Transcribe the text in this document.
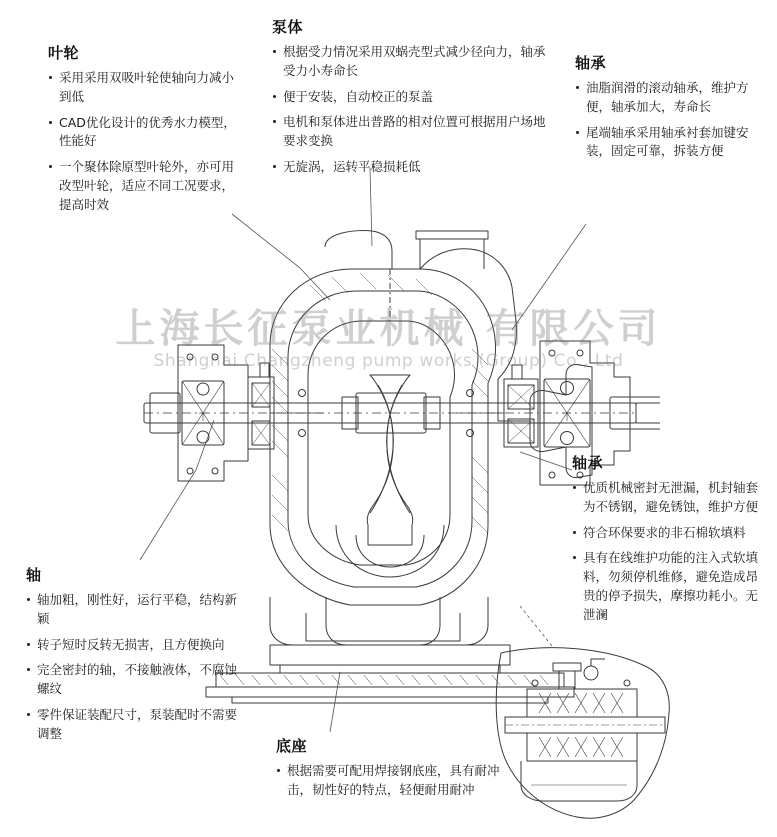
上海长征泵业机械 有限公司
Shanghai Changzheng pump works (Group) Co., Ltd
叶轮
采用采用双吸叶轮使轴向力减小到低
CAD优化设计的优秀水力模型，性能好
一个聚体除原型叶轮外，亦可用改型叶轮，适应不同工况要求，提高时效
泵体
根据受力情况采用双蜗壳型式减少径向力，轴承受力小寿命长
便于安装，自动校正的泵盖
电机和泵体进出普路的相对位置可根据用户场地要求变换
无旋涡，运转平稳损耗低
轴承
油脂润滑的滚动轴承，维护方便，轴承加大，寿命长
尾端轴承采用轴承衬套加键安装，固定可靠，拆装方便
轴承
优质机械密封无泄漏，机封轴套为不锈钢，避免锈蚀，维护方便
符合环保要求的非石棉软填料
具有在线维护功能的注入式软填料，勿须停机维修，避免造成昂贵的停予损失，摩擦功耗小。无泄澜
轴
轴加粗，刚性好，运行平稳，结构新颖
转子短时反转无损害，且方便换向
完全密封的轴，不接触液体，不腐蚀螺纹
零件保证装配尺寸，泵装配时不需要调整
底座
根据需要可配用焊接钢底座，具有耐冲击，韧性好的特点，轻便耐用耐冲
